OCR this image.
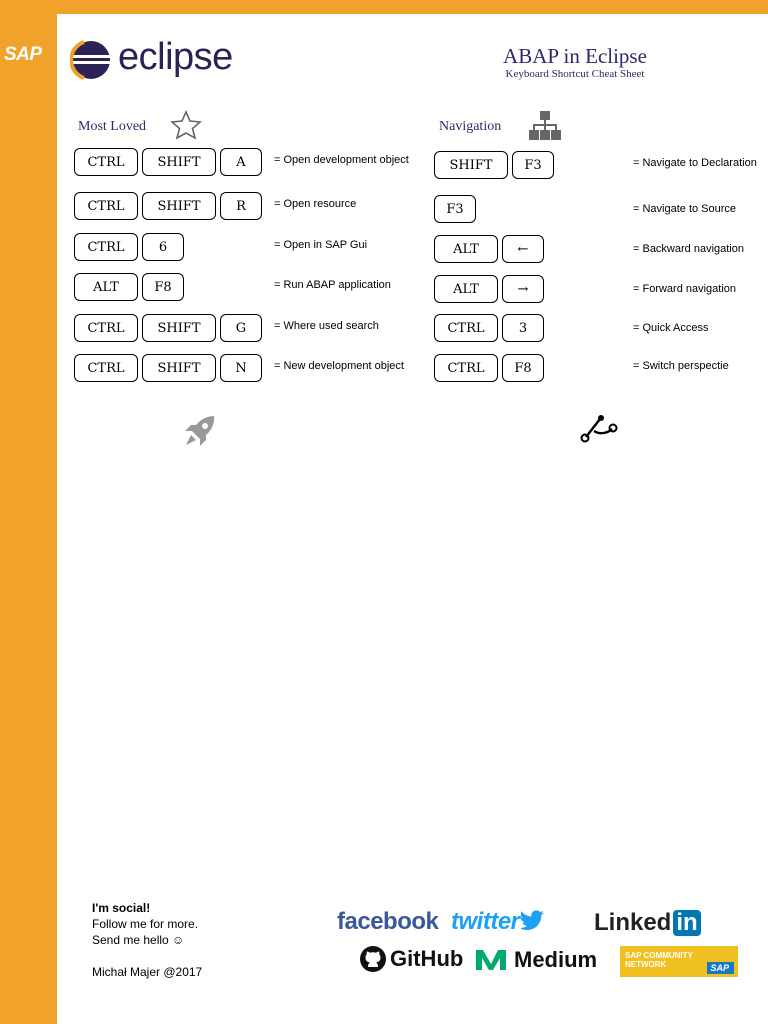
SAP	eclipse	ABAP in Eclipse
Keyboard Shortcut Cheat Sheet
Most Loved
CTRL	SHIFT	A	= Open development object
CTRL	SHIFT	R	= Open resource
CTRL	6	= Open in SAP Gui
ALT	F8	= Run ABAP application
CTRL	SHIFT	G	= Where used search
CTRL	SHIFT	N	= New development object
Navigation
SHIFT	F3	= Navigate to Declaration
F3	= Navigate to Source
ALT	←	= Backward navigation
ALT	→	= Forward navigation
CTRL	3	= Quick Access
CTRL	F8	= Switch perspectie
I'm social!
Follow me for more.
Send me hello ☺
Michał Majer @2017
facebook twitter	Linked in
GitHub Medium	SAP COMMUNITY
NETWORK	SAP
